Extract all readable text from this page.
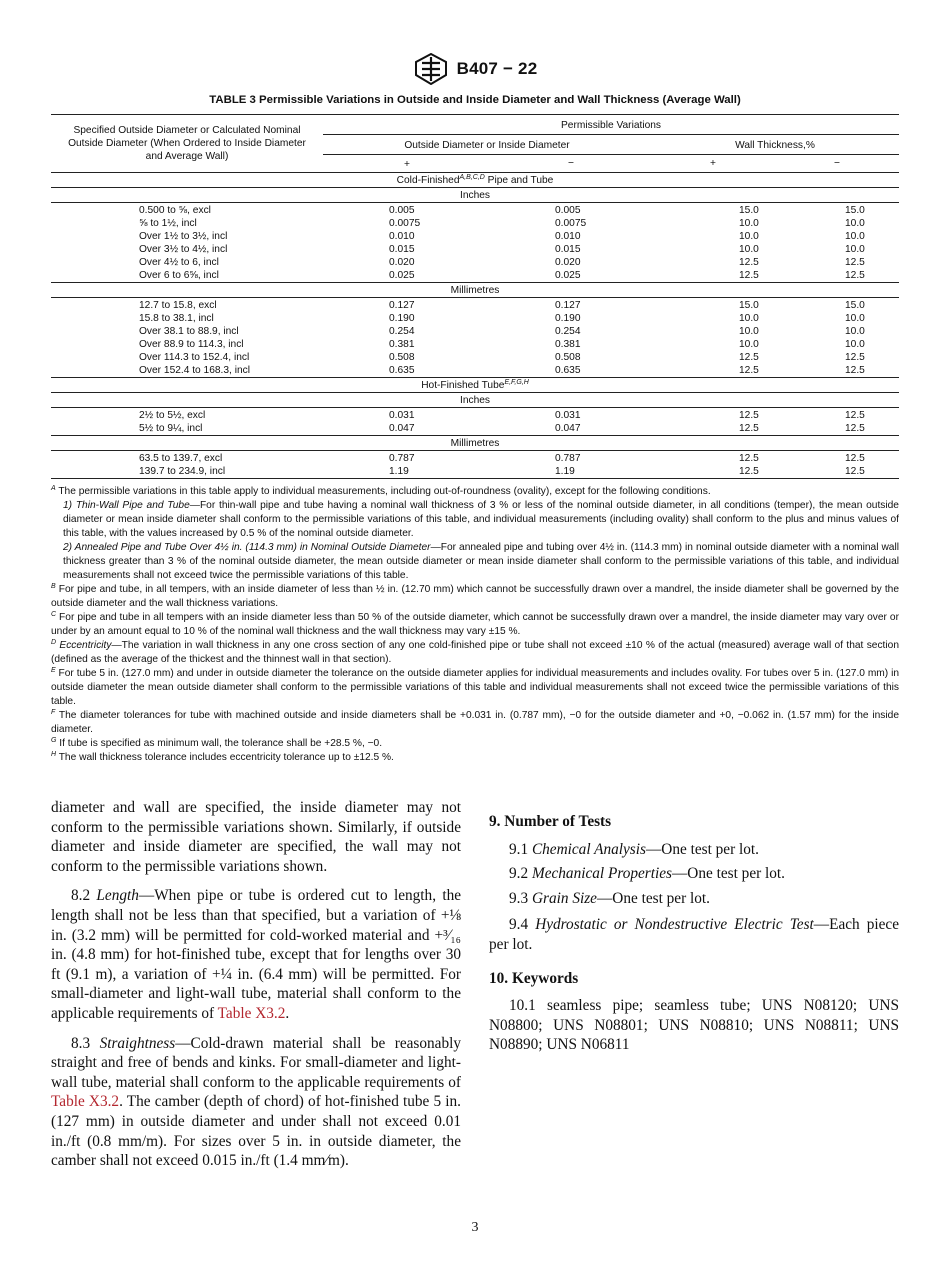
B407 − 22
TABLE 3 Permissible Variations in Outside and Inside Diameter and Wall Thickness (Average Wall)
Specified Outside Diameter or Calculated Nominal Outside Diameter (When Ordered to Inside Diameter and Average Wall)	Permissible Variations			
	Outside Diameter or Inside Diameter		Wall Thickness,%	
	+	−	+	−
Cold-Finished$^{A,B,C,D}$ Pipe and Tube				
Inches				
0.500 to ⅝, excl	0.005	0.005	15.0	15.0
⅝ to 1½, incl	0.0075	0.0075	10.0	10.0
Over 1½ to 3½, incl	0.010	0.010	10.0	10.0
Over 3½ to 4½, incl	0.015	0.015	10.0	10.0
Over 4½ to 6, incl	0.020	0.020	12.5	12.5
Over 6 to 6⅝, incl	0.025	0.025	12.5	12.5
Millimetres				
12.7 to 15.8, excl	0.127	0.127	15.0	15.0
15.8 to 38.1, incl	0.190	0.190	10.0	10.0
Over 38.1 to 88.9, incl	0.254	0.254	10.0	10.0
Over 88.9 to 114.3, incl	0.381	0.381	10.0	10.0
Over 114.3 to 152.4, incl	0.508	0.508	12.5	12.5
Over 152.4 to 168.3, incl	0.635	0.635	12.5	12.5
Hot-Finished Tube$^{E,F,G,H}$
Inches				
2½ to 5½, excl	0.031	0.031	12.5	12.5
5½ to 9¼, incl	0.047	0.047	12.5	12.5
Millimetres				
63.5 to 139.7, excl	0.787	0.787	12.5	12.5
139.7 to 234.9, incl	1.19	1.19	12.5	12.5

$^A$ The permissible variations in this table apply to individual measurements, including out-of-roundness (ovality), except for the following conditions.

1) Thin-Wall Pipe and Tube—For thin-wall pipe and tube having a nominal wall thickness of 3 % or less of the nominal outside diameter, in all conditions (temper), the mean outside diameter or mean inside diameter shall conform to the permissible variations of this table, and individual measurements (including ovality) shall conform to the plus and minus values of this table, with the values increased by 0.5 % of the nominal outside diameter.

2) Annealed Pipe and Tube Over 4½ in. (114.3 mm) in Nominal Outside Diameter—For annealed pipe and tubing over 4½ in. (114.3 mm) in nominal outside diameter with a nominal wall thickness greater than 3 % of the nominal outside diameter, the mean outside diameter or mean inside diameter shall conform to the permissible variations of this table, and individual measurements shall not exceed twice the permissible variations of this table.

$^B$ For pipe and tube, in all tempers, with an inside diameter of less than ½ in. (12.70 mm) which cannot be successfully drawn over a mandrel, the inside diameter shall be governed by the outside diameter and the wall thickness variations.

$^C$ For pipe and tube in all tempers with an inside diameter less than 50 % of the outside diameter, which cannot be successfully drawn over a mandrel, the inside diameter may vary over or under by an amount equal to 10 % of the nominal wall thickness and the wall thickness may vary ±15 %.

$^D$ Eccentricity—The variation in wall thickness in any one cross section of any one cold-finished pipe or tube shall not exceed ±10 % of the actual (measured) average wall of that section (defined as the average of the thickest and the thinnest wall in that section).

$^E$ For tube 5 in. (127.0 mm) and under in outside diameter the tolerance on the outside diameter applies for individual measurements and includes ovality. For tubes over 5 in. (127.0 mm) in outside diameter the mean outside diameter shall conform to the permissible variations of this table and individual measurements shall not exceed twice the permissible variations of this table.

$^F$ The diameter tolerances for tube with machined outside and inside diameters shall be +0.031 in. (0.787 mm), −0 for the outside diameter and +0, −0.062 in. (1.57 mm) for the inside diameter.

$^G$ If tube is specified as minimum wall, the tolerance shall be +28.5 %, −0.

$^H$ The wall thickness tolerance includes eccentricity tolerance up to ±12.5 %.

diameter and wall are specified, the inside diameter may not conform to the permissible variations shown. Similarly, if outside diameter and inside diameter are specified, the wall may not conform to the permissible variations shown.

8.2 Length—When pipe or tube is ordered cut to length, the length shall not be less than that specified, but a variation of +⅛ in. (3.2 mm) will be permitted for cold-worked material and +³⁄₁₆ in. (4.8 mm) for hot-finished tube, except that for lengths over 30 ft (9.1 m), a variation of +¼ in. (6.4 mm) will be permitted. For small-diameter and light-wall tube, material shall conform to the applicable requirements of Table X3.2.

8.3 Straightness—Cold-drawn material shall be reasonably straight and free of bends and kinks. For small-diameter and light-wall tube, material shall conform to the applicable requirements of Table X3.2. The camber (depth of chord) of hot-finished tube 5 in. (127 mm) in outside diameter and under shall not exceed 0.01 in./ft (0.8 mm/m). For sizes over 5 in. in outside diameter, the camber shall not exceed 0.015 in./ft (1.4 mm⁄m).

9. Number of Tests

9.1 Chemical Analysis—One test per lot.

9.2 Mechanical Properties—One test per lot.

9.3 Grain Size—One test per lot.

9.4 Hydrostatic or Nondestructive Electric Test—Each piece per lot.

10. Keywords

10.1 seamless pipe; seamless tube; UNS N08120; UNS N08800; UNS N08801; UNS N08810; UNS N08811; UNS N08890; UNS N06811

3
